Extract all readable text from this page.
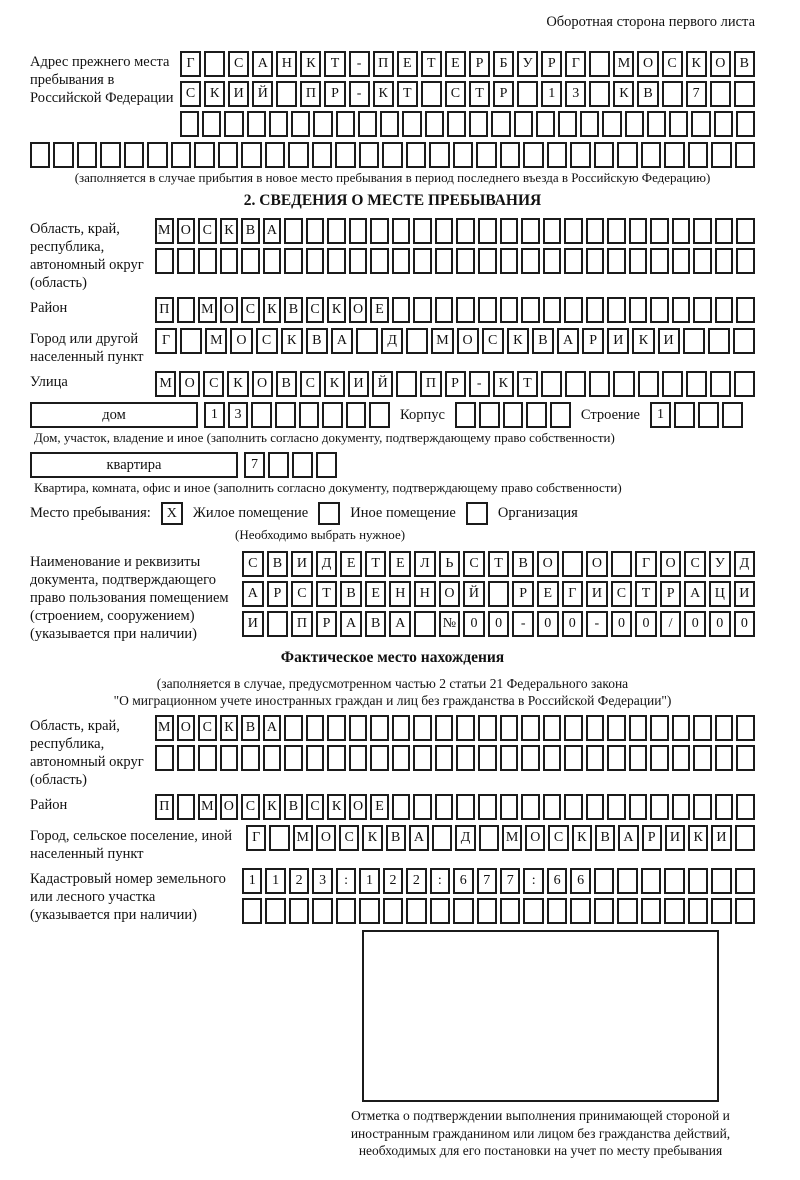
Оборотная сторона первого листа
Адрес прежнего места пребывания в Российской Федерации
Г	С	А Н	К	Т	-	П	Е	Т	Е	Р	Б	У	Р	Г	М О	С	К	О	В
С	К	И Й	П	Р	-	К	Т	С	Т	Р	1	3	К	В	7
(заполняется в случае прибытия в новое место пребывания в период последнего въезда в Российскую Федерацию)
2. СВЕДЕНИЯ О МЕСТЕ ПРЕБЫВАНИЯ
Область, край, республика, автономный округ (область)
М О С К В А
Район	П	М О С К В С К О Е
Город или другой населенный пункт
Г	М О	С	К	В	А	Д	М О	С	К	В	А	Р	И	К	И
Улица	М О	С	К	О	В	С	К	И	Й	П	Р	-	К	Т
дом	1	3	Корпус	Строение	1
Дом, участок, владение и иное (заполнить согласно документу, подтверждающему право собственности)
квартира	7
Квартира, комната, офис и иное (заполнить согласно документу, подтверждающему право собственности)
Место пребывания:	X	Жилое помещение	Иное помещение	Организация
(Необходимо выбрать нужное)
Наименование и реквизиты документа, подтверждающего право пользования помещением (строением, сооружением) (указывается при наличии)
С	В	И	Д	Е	Т	Е	Л	Ь	С	Т	В	О	О	Г	О	С	У	Д
А	Р	С	Т	В	Е	Н	Н	О	Й	Р	Е	Г	И	С	Т	Р	А	Ц	И
И	П	Р	А	В	А	№	0	0	-	0	0	-	0	0	/	0	0	0
Фактическое место нахождения
(заполняется в случае, предусмотренном частью 2 статьи 21 Федерального закона
"О миграционном учете иностранных граждан и лиц без гражданства в Российской Федерации")
Область, край, республика, автономный округ (область)
М О С К В А
Район	П	М О С К В С К О Е
Город, сельское поселение, иной населенный пункт
Г	М О С К В А	Д	М О С К В А	Р	И К И
Кадастровый номер земельного или лесного участка (указывается при наличии)
1	1	2	3	:	1	2	2	:	6	7	7	:	6	6
Отметка о подтверждении выполнения принимающей стороной и иностранным гражданином или лицом без гражданства действий, необходимых для его постановки на учет по месту пребывания
